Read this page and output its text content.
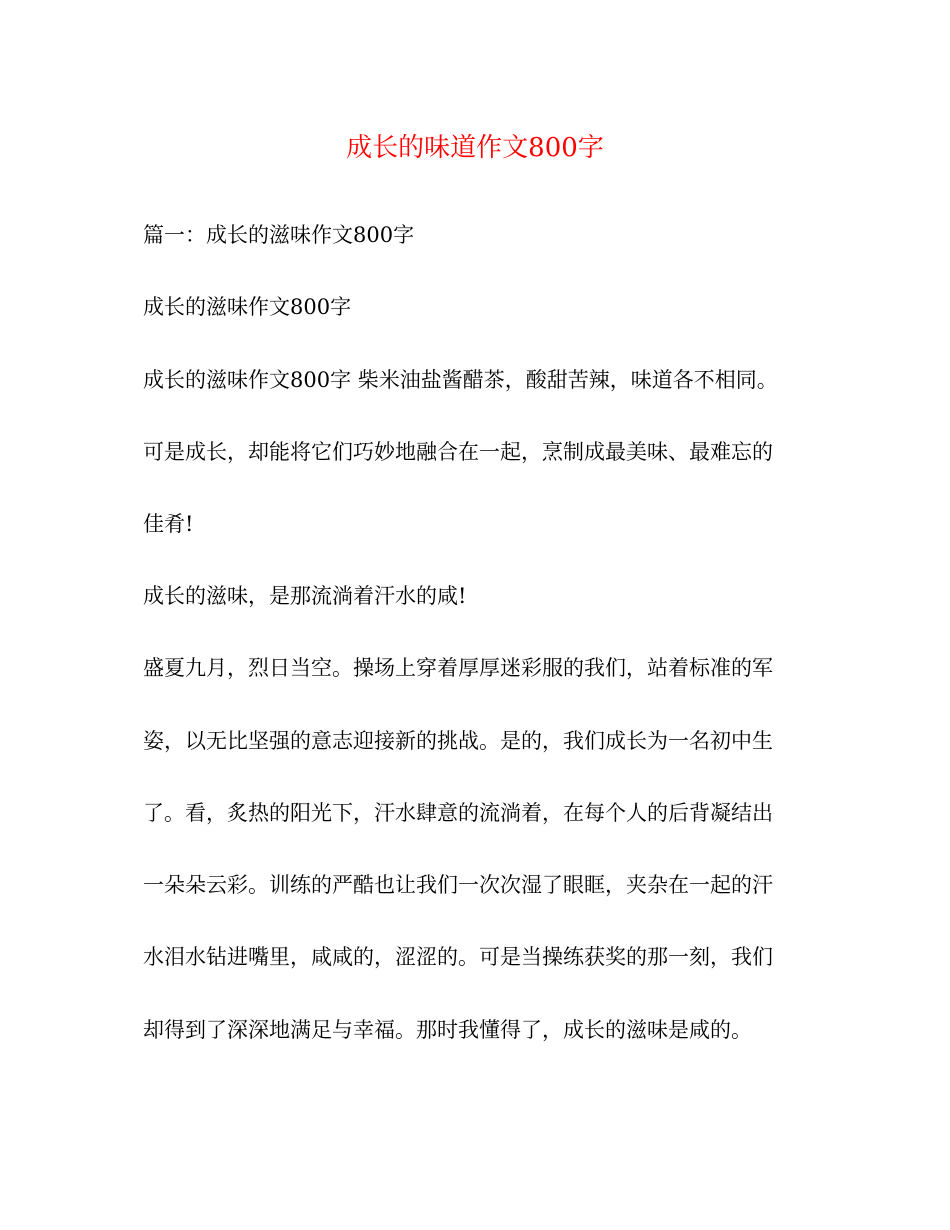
成长的味道作文800字

篇一：成长的滋味作文800字

成长的滋味作文800字

成长的滋味作文800字 柴米油盐酱醋茶，酸甜苦辣，味道各不相同。

可是成长，却能将它们巧妙地融合在一起，烹制成最美味、最难忘的

佳肴!

成长的滋味，是那流淌着汗水的咸!

盛夏九月，烈日当空。操场上穿着厚厚迷彩服的我们，站着标准的军

姿，以无比坚强的意志迎接新的挑战。是的，我们成长为一名初中生

了。看，炙热的阳光下，汗水肆意的流淌着，在每个人的后背凝结出

一朵朵云彩。训练的严酷也让我们一次次湿了眼眶，夹杂在一起的汗

水泪水钻进嘴里，咸咸的，涩涩的。可是当操练获奖的那一刻，我们

却得到了深深地满足与幸福。那时我懂得了，成长的滋味是咸的。
